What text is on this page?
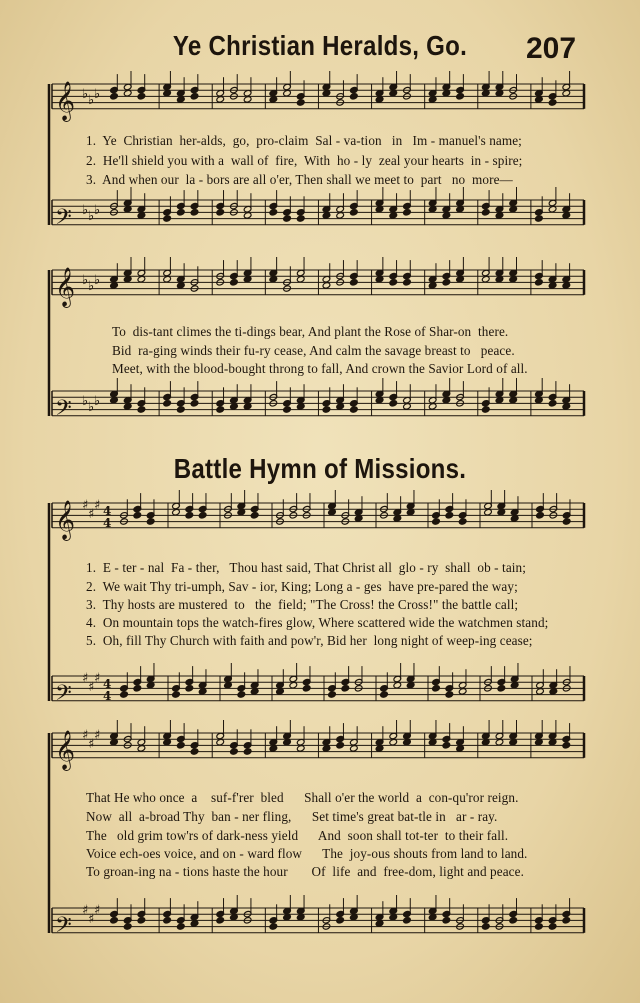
Ye Christian Heralds, Go.	207
𝄞 ♭ ♭ ♭
𝄢 ♭ ♭ ♭
𝄞 ♭ ♭ ♭
𝄢 ♭ ♭ ♭
𝄞 ♯
♯
♯ 4
4
𝄢
♯
♯
♯ 4
4
𝄞 ♯
♯
♯
𝄢
♯
♯
♯
1.  Ye  Christian  her-alds,  go,  pro-claim  Sal - va-tion   in   Im - manuel's name;
2.  He'll shield you with a  wall of  fire,  With  ho - ly  zeal your hearts  in - spire;
3.  And when our  la - bors are all o'er, Then shall we meet to  part   no  more—
To  dis-tant climes the ti-dings bear, And plant the Rose of Shar-on  there.
Bid  ra-ging winds their fu-ry cease, And calm the savage breast to   peace.
Meet, with the blood-bought throng to fall, And crown the Savior Lord of all.
Battle Hymn of Missions.
1.  E - ter - nal  Fa - ther,   Thou hast said, That Christ all  glo - ry  shall  ob - tain;
2.  We wait Thy tri-umph, Sav - ior, King; Long a - ges  have pre-pared the way;
3.  Thy hosts are mustered  to   the  field; "The Cross! the Cross!" the battle call;
4.  On mountain tops the watch-fires glow, Where scattered wide the watchmen stand;
5.  Oh, fill Thy Church with faith and pow'r, Bid her  long night of weep-ing cease;
That He who once  a    suf-f'rer  bled      Shall o'er the world  a  con-qu'ror reign.
Now  all  a-broad Thy  ban - ner fling,      Set time's great bat-tle in   ar - ray.
The   old grim tow'rs of dark-ness yield      And  soon shall tot-ter  to their fall.
Voice ech-oes voice, and on - ward flow      The  joy-ous shouts from land to land.
To groan-ing na - tions haste the hour       Of  life  and  free-dom, light and peace.
